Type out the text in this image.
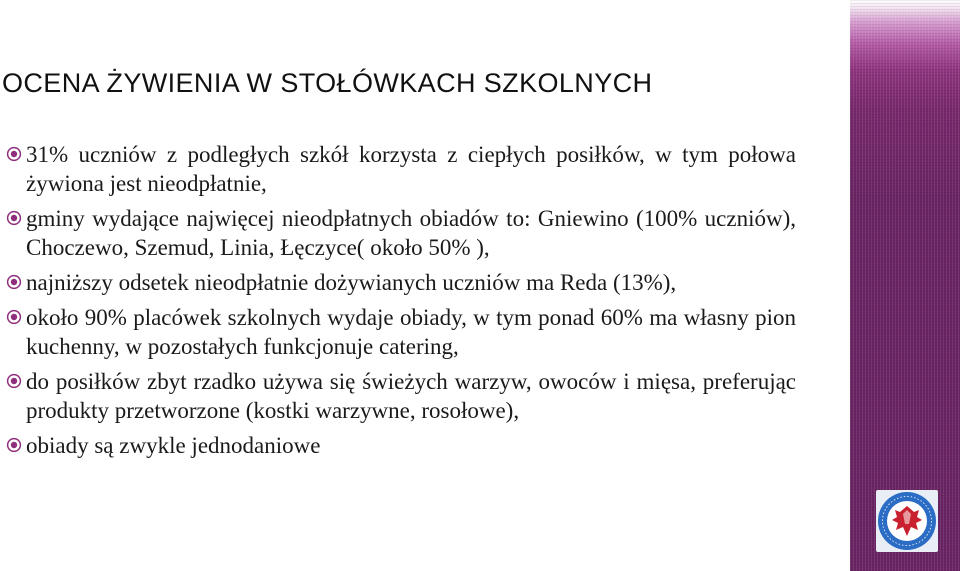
OCENA ŻYWIENIA W STOŁÓWKACH SZKOLNYCH
31% uczniów z podległych szkół korzysta z ciepłych posiłków, w tym połowa żywiona jest nieodpłatnie,
gminy wydające najwięcej nieodpłatnych obiadów to: Gniewino (100% uczniów), Choczewo, Szemud, Linia, Łęczyce( około 50% ),
najniższy odsetek nieodpłatnie dożywianych uczniów ma Reda (13%),
około 90% placówek szkolnych wydaje obiady, w tym ponad 60% ma własny pion kuchenny, w pozostałych funkcjonuje catering,
do posiłków zbyt rzadko używa się świeżych warzyw, owoców i mięsa, preferując produkty przetworzone (kostki warzywne, rosołowe),
obiady są zwykle jednodaniowe
